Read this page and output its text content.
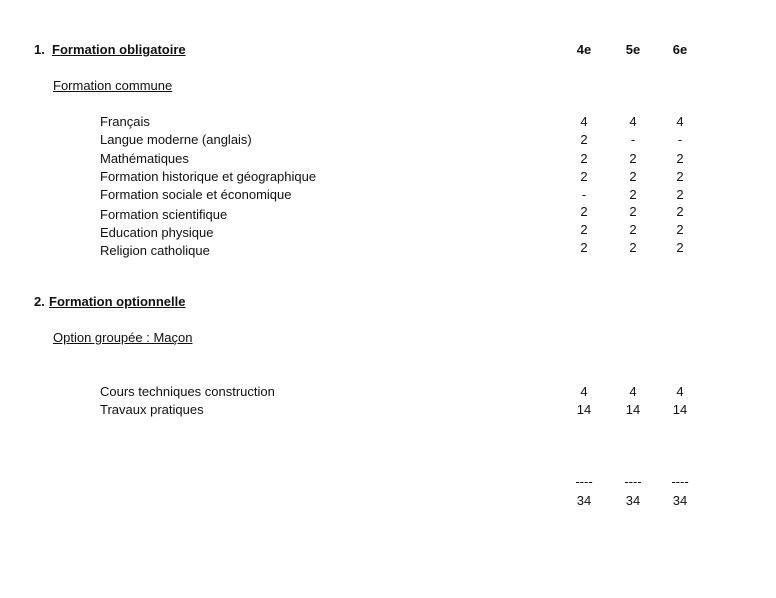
1. Formation obligatoire	4e	5e	6e
Formation commune
Français	4	4	4
Langue moderne (anglais)	2	-	-
Mathématiques	2	2	2
Formation historique et géographique	2	2	2
Formation sociale et économique	-	2	2
Formation scientifique	2	2	2
Education physique	2	2	2
Religion catholique	2	2	2
2. Formation optionnelle
Option groupée : Maçon
Cours techniques construction	4	4	4
Travaux pratiques	14	14	14
----	----	----
34	34	34
